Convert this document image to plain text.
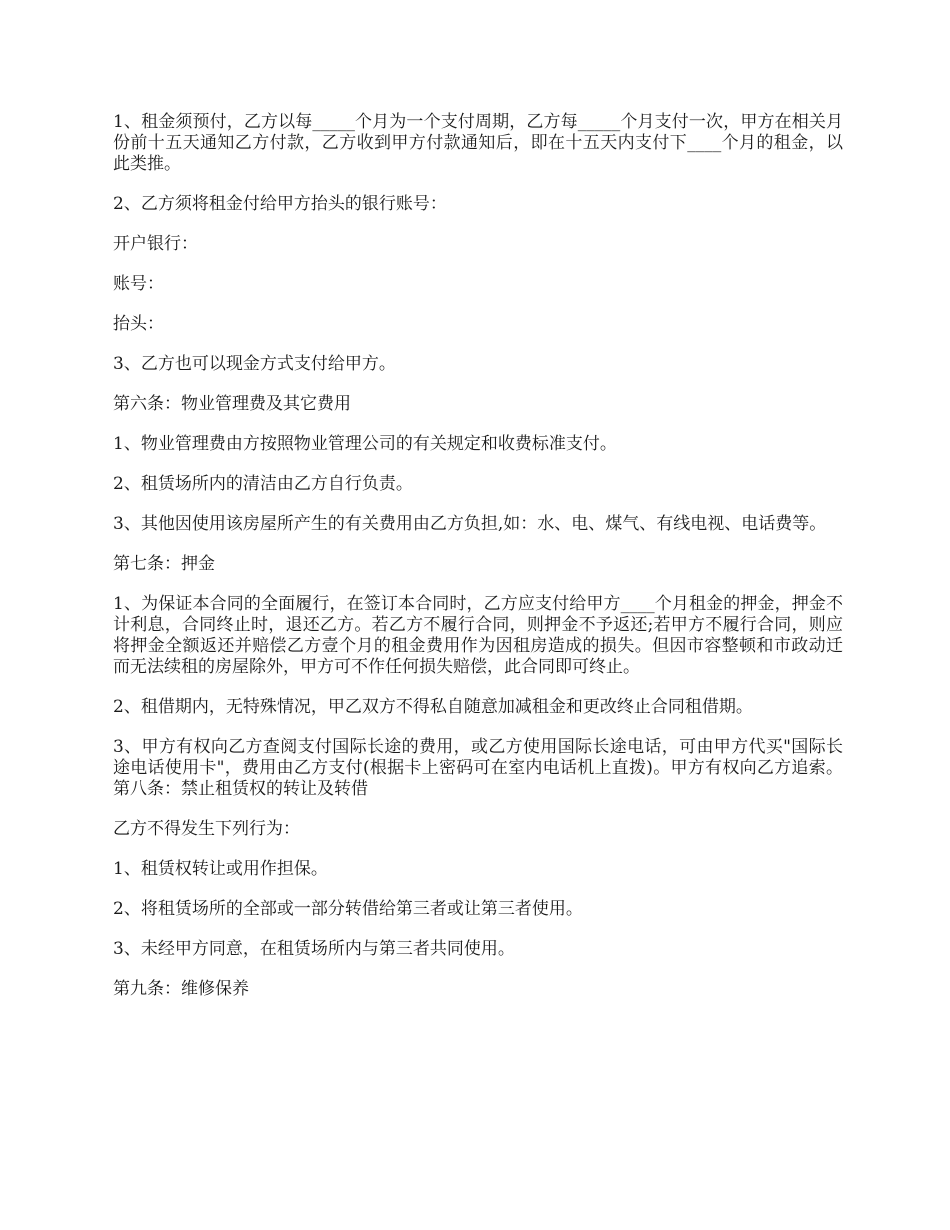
1、租金须预付，乙方以每_____个月为一个支付周期，乙方每_____个月支付一次，甲方在相关月份前十五天通知乙方付款，乙方收到甲方付款通知后，即在十五天内支付下____个月的租金，以此类推。

2、乙方须将租金付给甲方抬头的银行账号：

开户银行：

账号：

抬头：

3、乙方也可以现金方式支付给甲方。

第六条：物业管理费及其它费用

1、物业管理费由方按照物业管理公司的有关规定和收费标准支付。

2、租赁场所内的清洁由乙方自行负责。

3、其他因使用该房屋所产生的有关费用由乙方负担,如：水、电、煤气、有线电视、电话费等。

第七条：押金

1、为保证本合同的全面履行，在签订本合同时，乙方应支付给甲方____个月租金的押金，押金不计利息，合同终止时，退还乙方。若乙方不履行合同，则押金不予返还;若甲方不履行合同，则应将押金全额返还并赔偿乙方壹个月的租金费用作为因租房造成的损失。但因市容整顿和市政动迁而无法续租的房屋除外，甲方可不作任何损失赔偿，此合同即可终止。

2、租借期内，无特殊情况，甲乙双方不得私自随意加减租金和更改终止合同租借期。

3、甲方有权向乙方查阅支付国际长途的费用，或乙方使用国际长途电话，可由甲方代买"国际长途电话使用卡"，费用由乙方支付(根据卡上密码可在室内电话机上直拨)。甲方有权向乙方追索。第八条：禁止租赁权的转让及转借

乙方不得发生下列行为：

1、租赁权转让或用作担保。

2、将租赁场所的全部或一部分转借给第三者或让第三者使用。

3、未经甲方同意，在租赁场所内与第三者共同使用。

第九条：维修保养
